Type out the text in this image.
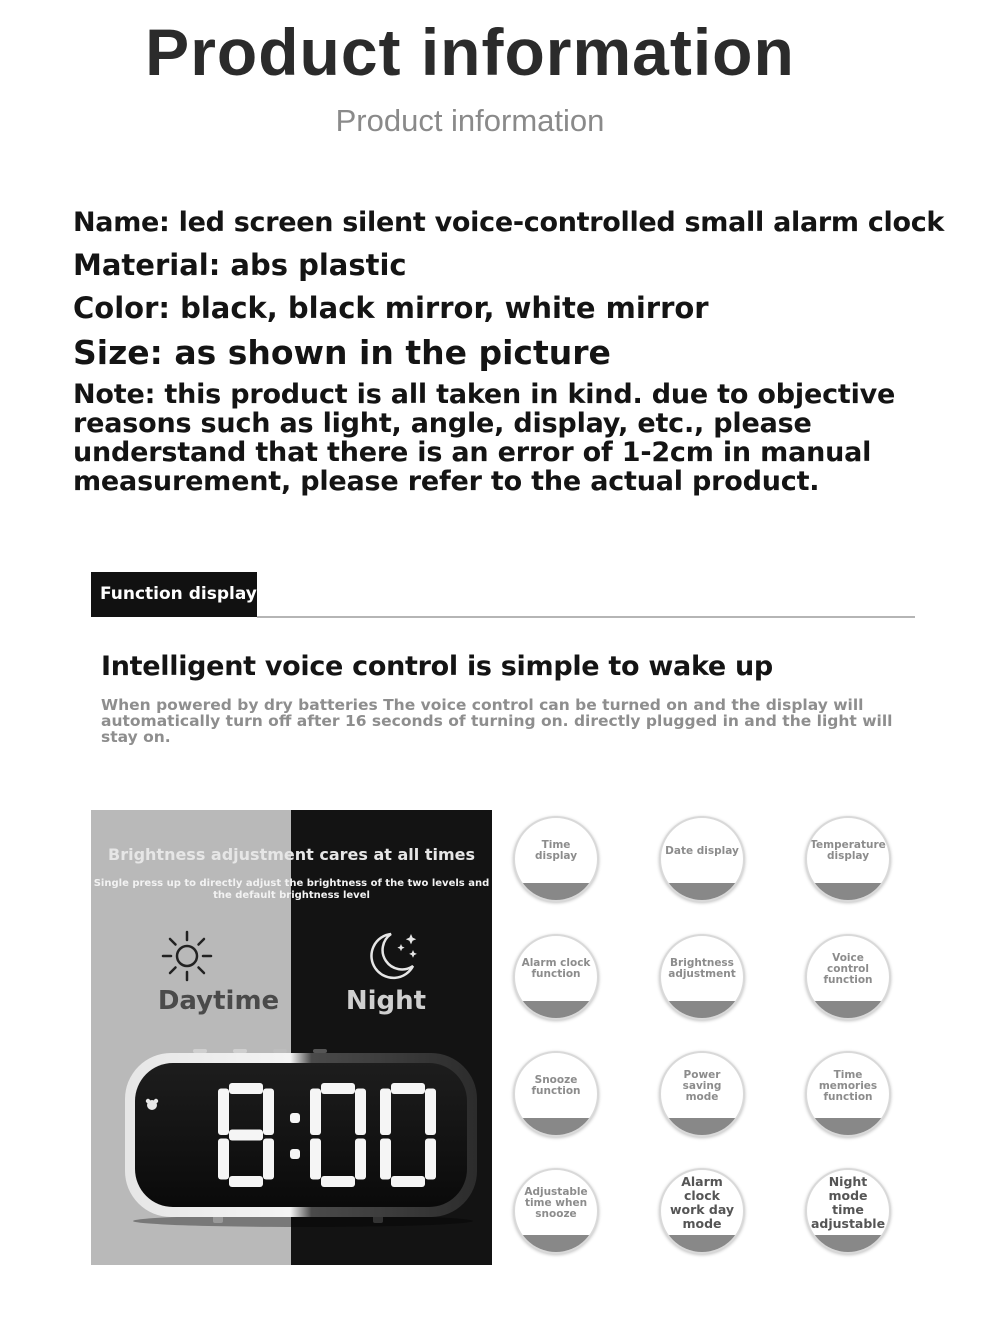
Product information
Product information
Name: led screen silent voice-controlled small alarm clock
Material: abs plastic
Color: black, black mirror, white mirror
Size: as shown in the picture
Note: this product is all taken in kind. due to objective reasons such as light, angle, display, etc., please understand that there is an error of 1-2cm in manual measurement, please refer to the actual product.
Function display
Intelligent voice control is simple to wake up
When powered by dry batteries The voice control can be turned on and the display will automatically turn off after 16 seconds of turning on. directly plugged in and the light will stay on.
Brightness adjustment cares at all times
Single press up to directly adjust the brightness of the two levels and the default brightness level
Daytime	Night
Time display	Date display	Temperature display
Alarm clock function
Brightness adjustment
Voice control function
Snooze function
Power saving mode
Time memories function
Adjustable time when snooze
Alarm clock work day mode
Night mode time adjustable
